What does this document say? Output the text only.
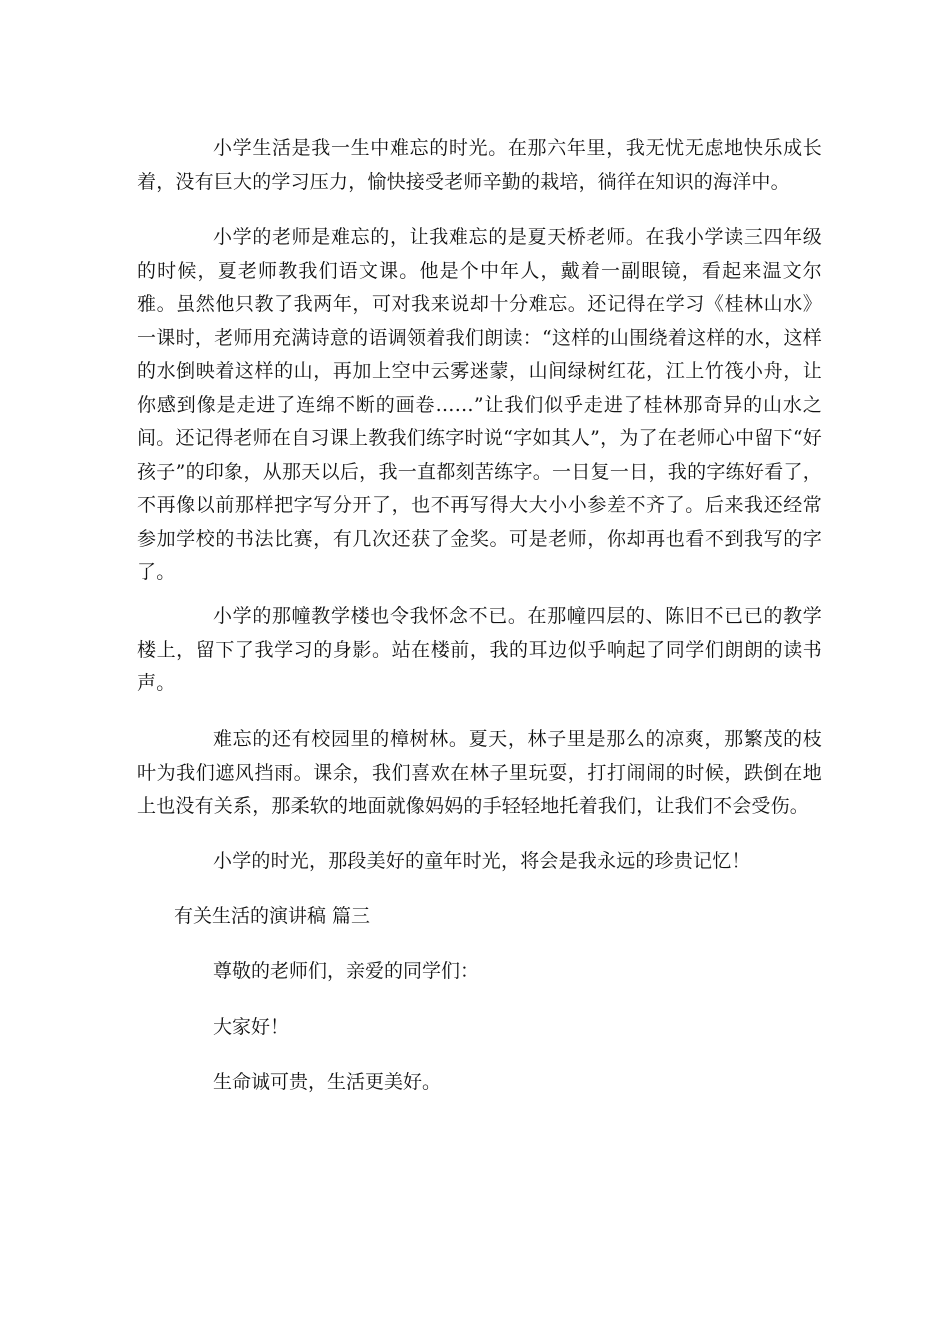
小学生活是我一生中难忘的时光。在那六年里，我无忧无虑地快乐成长着，没有巨大的学习压力，愉快接受老师辛勤的栽培，徜徉在知识的海洋中。

小学的老师是难忘的，让我难忘的是夏天桥老师。在我小学读三四年级的时候，夏老师教我们语文课。他是个中年人，戴着一副眼镜，看起来温文尔雅。虽然他只教了我两年，可对我来说却十分难忘。还记得在学习《桂林山水》一课时，老师用充满诗意的语调领着我们朗读：“这样的山围绕着这样的水，这样的水倒映着这样的山，再加上空中云雾迷蒙，山间绿树红花，江上竹筏小舟，让你感到像是走进了连绵不断的画卷……”让我们似乎走进了桂林那奇异的山水之间。还记得老师在自习课上教我们练字时说“字如其人”，为了在老师心中留下“好孩子”的印象，从那天以后，我一直都刻苦练字。一日复一日，我的字练好看了，不再像以前那样把字写分开了，也不再写得大大小小参差不齐了。后来我还经常参加学校的书法比赛，有几次还获了金奖。可是老师，你却再也看不到我写的字了。

小学的那幢教学楼也令我怀念不已。在那幢四层的、陈旧不已已的教学楼上，留下了我学习的身影。站在楼前，我的耳边似乎响起了同学们朗朗的读书声。

难忘的还有校园里的樟树林。夏天，林子里是那么的凉爽，那繁茂的枝叶为我们遮风挡雨。课余，我们喜欢在林子里玩耍，打打闹闹的时候，跌倒在地上也没有关系，那柔软的地面就像妈妈的手轻轻地托着我们，让我们不会受伤。

小学的时光，那段美好的童年时光，将会是我永远的珍贵记忆！

有关生活的演讲稿 篇三

尊敬的老师们，亲爱的同学们：

大家好！

生命诚可贵，生活更美好。
